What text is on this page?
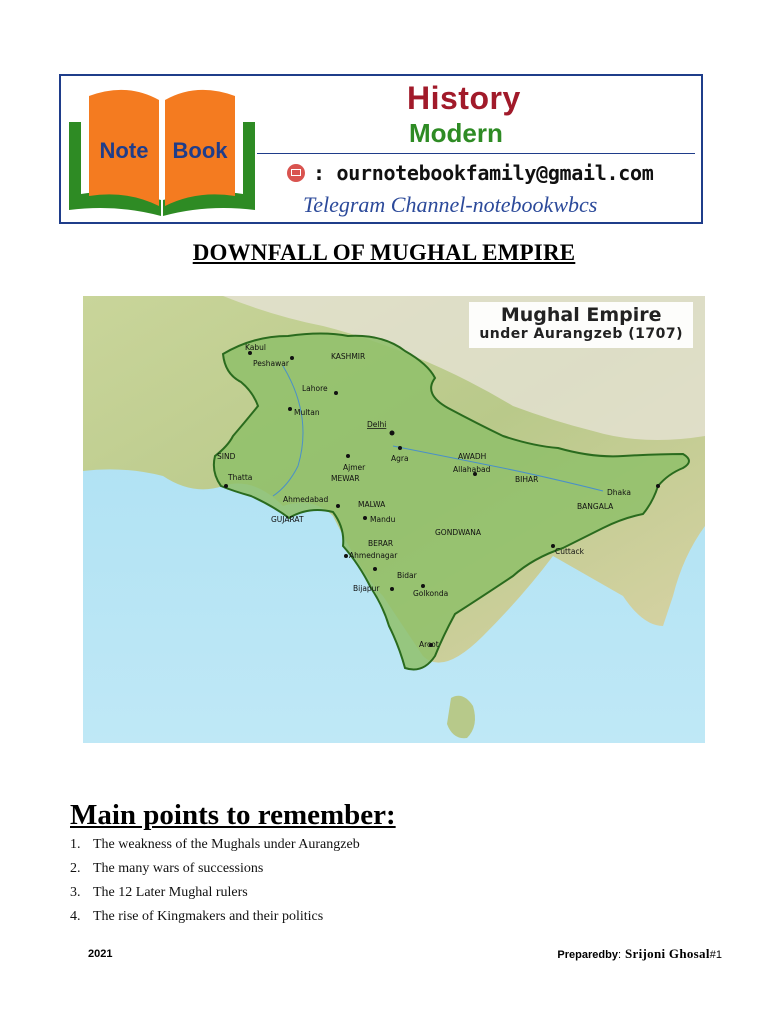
Note Book
History
Modern
: ournotebookfamily@gmail.com
Telegram Channel-notebookwbcs
DOWNFALL OF MUGHAL EMPIRE
Kabul
Peshawar
KASHMIR
Lahore
Multan
Delhi
SIND	Agra	AWADH
Ajmer	Allahabad
Thatta	MEWAR	BIHAR
Dhaka
Ahmedabad
MALWA	BANGALA
GUJARAT	Mandu
GONDWANA
Cuttack
BERAR
Ahmednagar
Bidar
Bijapur
Golkonda
Arcot
Mughal Empire
under Aurangzeb (1707)
Main points to remember:
1. The weakness of the Mughals under Aurangzeb
2. The many wars of successions
3. The 12 Later Mughal rulers
4. The rise of Kingmakers and their politics
2021	Preparedby : Srijoni Ghosal #1
